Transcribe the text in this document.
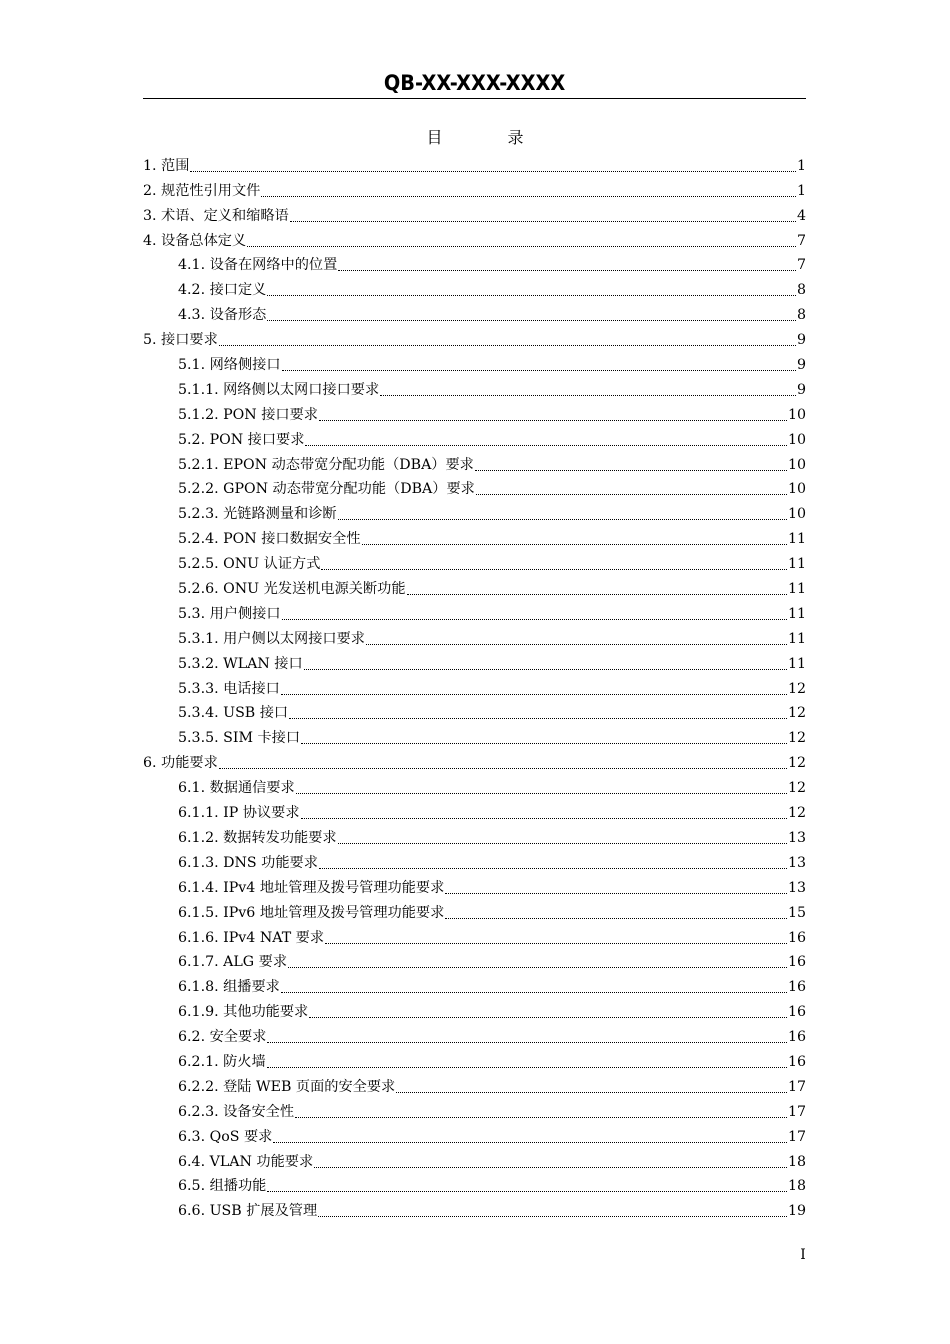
QB-XX-XXX-XXXX
目 录
1. 范围	1
2. 规范性引用文件	1
3. 术语、定义和缩略语	4
4. 设备总体定义	7
4.1. 设备在网络中的位置	7
4.2. 接口定义	8
4.3. 设备形态	8
5. 接口要求	9
5.1. 网络侧接口	9
5.1.1. 网络侧以太网口接口要求	9
5.1.2. PON 接口要求	10
5.2. PON 接口要求	10
5.2.1. EPON 动态带宽分配功能（DBA）要求	10
5.2.2. GPON 动态带宽分配功能（DBA）要求	10
5.2.3. 光链路测量和诊断	10
5.2.4. PON 接口数据安全性	11
5.2.5. ONU 认证方式	11
5.2.6. ONU 光发送机电源关断功能	11
5.3. 用户侧接口	11
5.3.1. 用户侧以太网接口要求	11
5.3.2. WLAN 接口	11
5.3.3. 电话接口	12
5.3.4. USB 接口	12
5.3.5. SIM 卡接口	12
6. 功能要求	12
6.1. 数据通信要求	12
6.1.1. IP 协议要求	12
6.1.2. 数据转发功能要求	13
6.1.3. DNS 功能要求	13
6.1.4. IPv4 地址管理及拨号管理功能要求	13
6.1.5. IPv6 地址管理及拨号管理功能要求	15
6.1.6. IPv4 NAT 要求	16
6.1.7. ALG 要求	16
6.1.8. 组播要求	16
6.1.9. 其他功能要求	16
6.2. 安全要求	16
6.2.1. 防火墙	16
6.2.2. 登陆 WEB 页面的安全要求	17
6.2.3. 设备安全性	17
6.3. QoS 要求	17
6.4. VLAN 功能要求	18
6.5. 组播功能	18
6.6. USB 扩展及管理	19
I
